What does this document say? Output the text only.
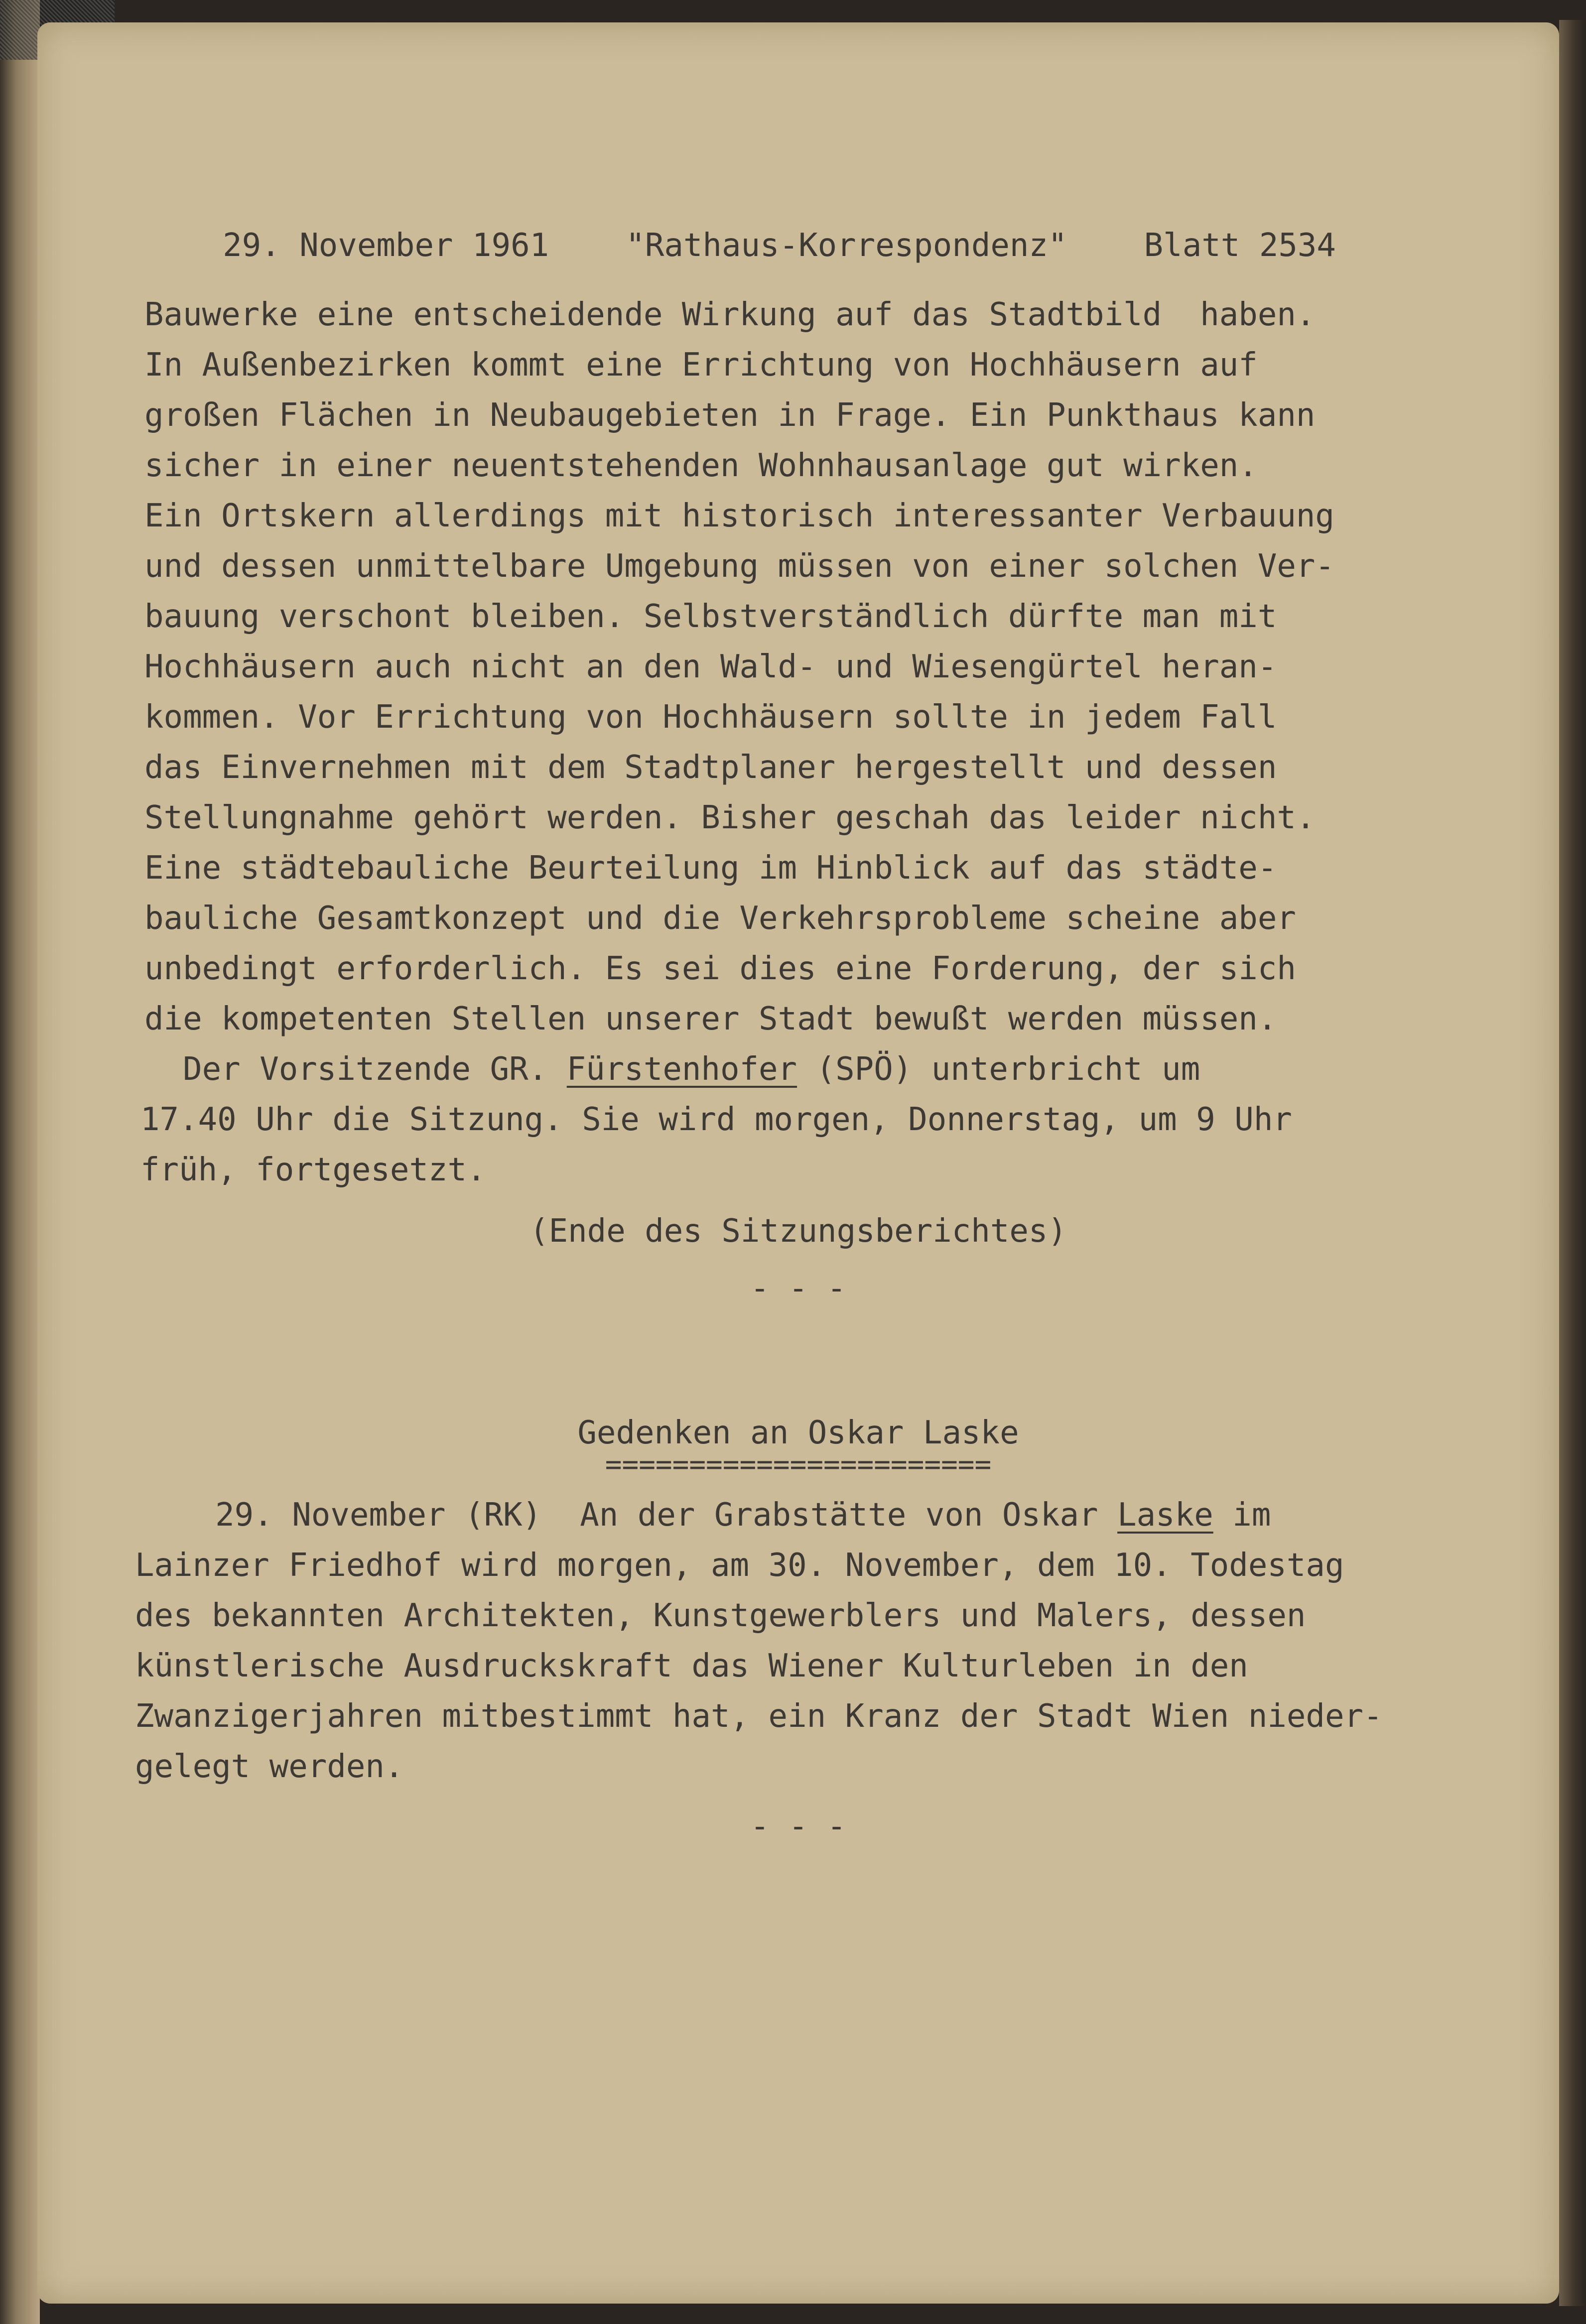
29. November 1961 "Rathaus-Korrespondenz" Blatt 2534

Bauwerke eine entscheidende Wirkung auf das Stadtbild  haben.

In Außenbezirken kommt eine Errichtung von Hochhäusern auf

großen Flächen in Neubaugebieten in Frage. Ein Punkthaus kann

sicher in einer neuentstehenden Wohnhausanlage gut wirken.

Ein Ortskern allerdings mit historisch interessanter Verbauung

und dessen unmittelbare Umgebung müssen von einer solchen Ver-

bauung verschont bleiben. Selbstverständlich dürfte man mit

Hochhäusern auch nicht an den Wald- und Wiesengürtel heran-

kommen. Vor Errichtung von Hochhäusern sollte in jedem Fall

das Einvernehmen mit dem Stadtplaner hergestellt und dessen

Stellungnahme gehört werden. Bisher geschah das leider nicht.

Eine städtebauliche Beurteilung im Hinblick auf das städte-

bauliche Gesamtkonzept und die Verkehrsprobleme scheine aber

unbedingt erforderlich. Es sei dies eine Forderung, der sich

die kompetenten Stellen unserer Stadt bewußt werden müssen.

Der Vorsitzende GR. Fürstenhofer (SPÖ) unterbricht um

17.40 Uhr die Sitzung. Sie wird morgen, Donnerstag, um 9 Uhr

früh, fortgesetzt.

(Ende des Sitzungsberichtes)

- - -

Gedenken an Oskar Laske

=======================

29. November (RK)  An der Grabstätte von Oskar Laske im

Lainzer Friedhof wird morgen, am 30. November, dem 10. Todestag

des bekannten Architekten, Kunstgewerblers und Malers, dessen

künstlerische Ausdruckskraft das Wiener Kulturleben in den

Zwanzigerjahren mitbestimmt hat, ein Kranz der Stadt Wien nieder-

gelegt werden.

- - -
